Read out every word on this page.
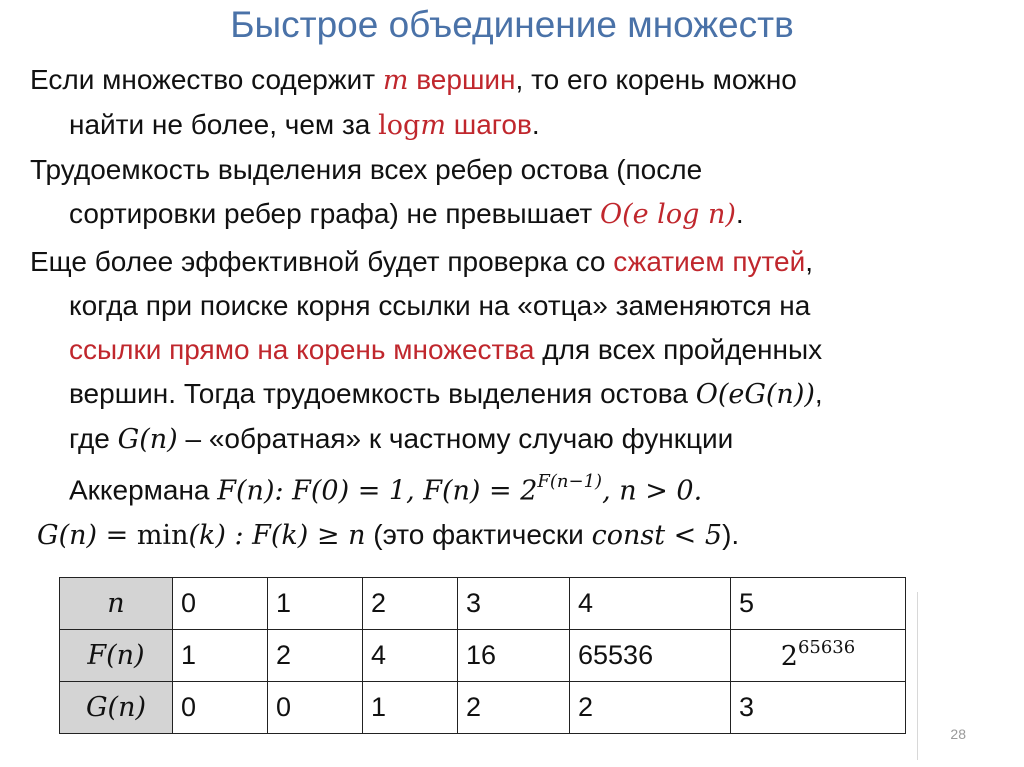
Быстрое объединение множеств
Если множество содержит m вершин, то его корень можно
найти не более, чем за logm шагов.
Трудоемкость выделения всех ребер остова (после
сортировки ребер графа) не превышает O(e log n).
Еще более эффективной будет проверка со сжатием путей,
когда при поиске корня ссылки на «отца» заменяются на
ссылки прямо на корень множества для всех пройденных
вершин. Тогда трудоемкость выделения остова O(eG(n)),
где G(n) – «обратная» к частному случаю функции
Аккермана F(n): F(0) = 1, $F(n) = 2^{F(n-1)}$, n > 0.
G(n) = min(k) : F(k) ≥ n (это фактически const < 5).
n	0	1	2	3	4	5
F(n)	1	2	4	16	65536	$2^{65636}$
G(n)	0	0	1	2	2	3
28
